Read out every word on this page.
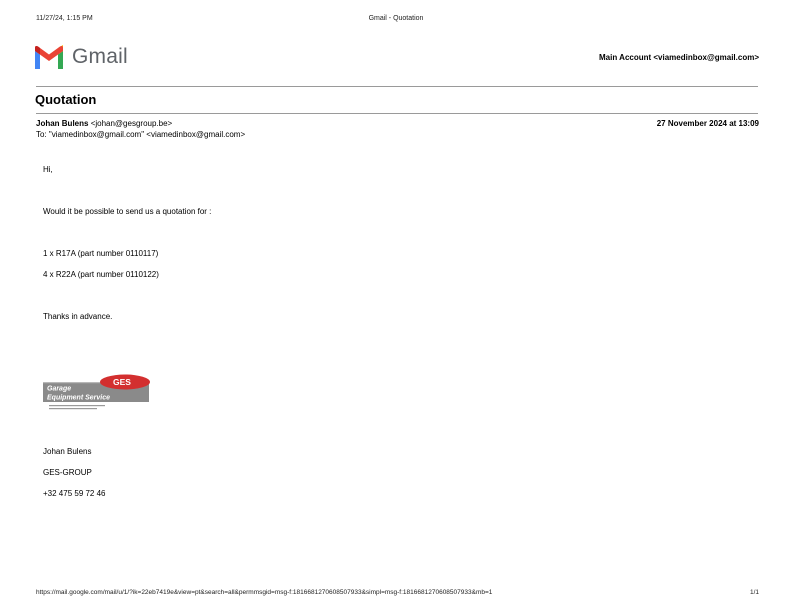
11/27/24, 1:15 PM	Gmail - Quotation
Gmail	Main Account <viamedinbox@gmail.com>
Quotation
Johan Bulens <johan@gesgroup.be>	27 November 2024 at 13:09
To: "viamedinbox@gmail.com" <viamedinbox@gmail.com>
Hi,
Would it be possible to send us a quotation for :
1 x R17A (part number 0110117)
4 x R22A (part number 0110122)
Thanks in advance.
GES
Garage
Equipment Service
Johan Bulens
GES-GROUP
+32 475 59 72 46
https://mail.google.com/mail/u/1/?ik=22eb7419e&view=pt&search=all&permmsgid=msg-f:1816681270608507933&simpl=msg-f:1816681270608507933&mb=1	1/1
